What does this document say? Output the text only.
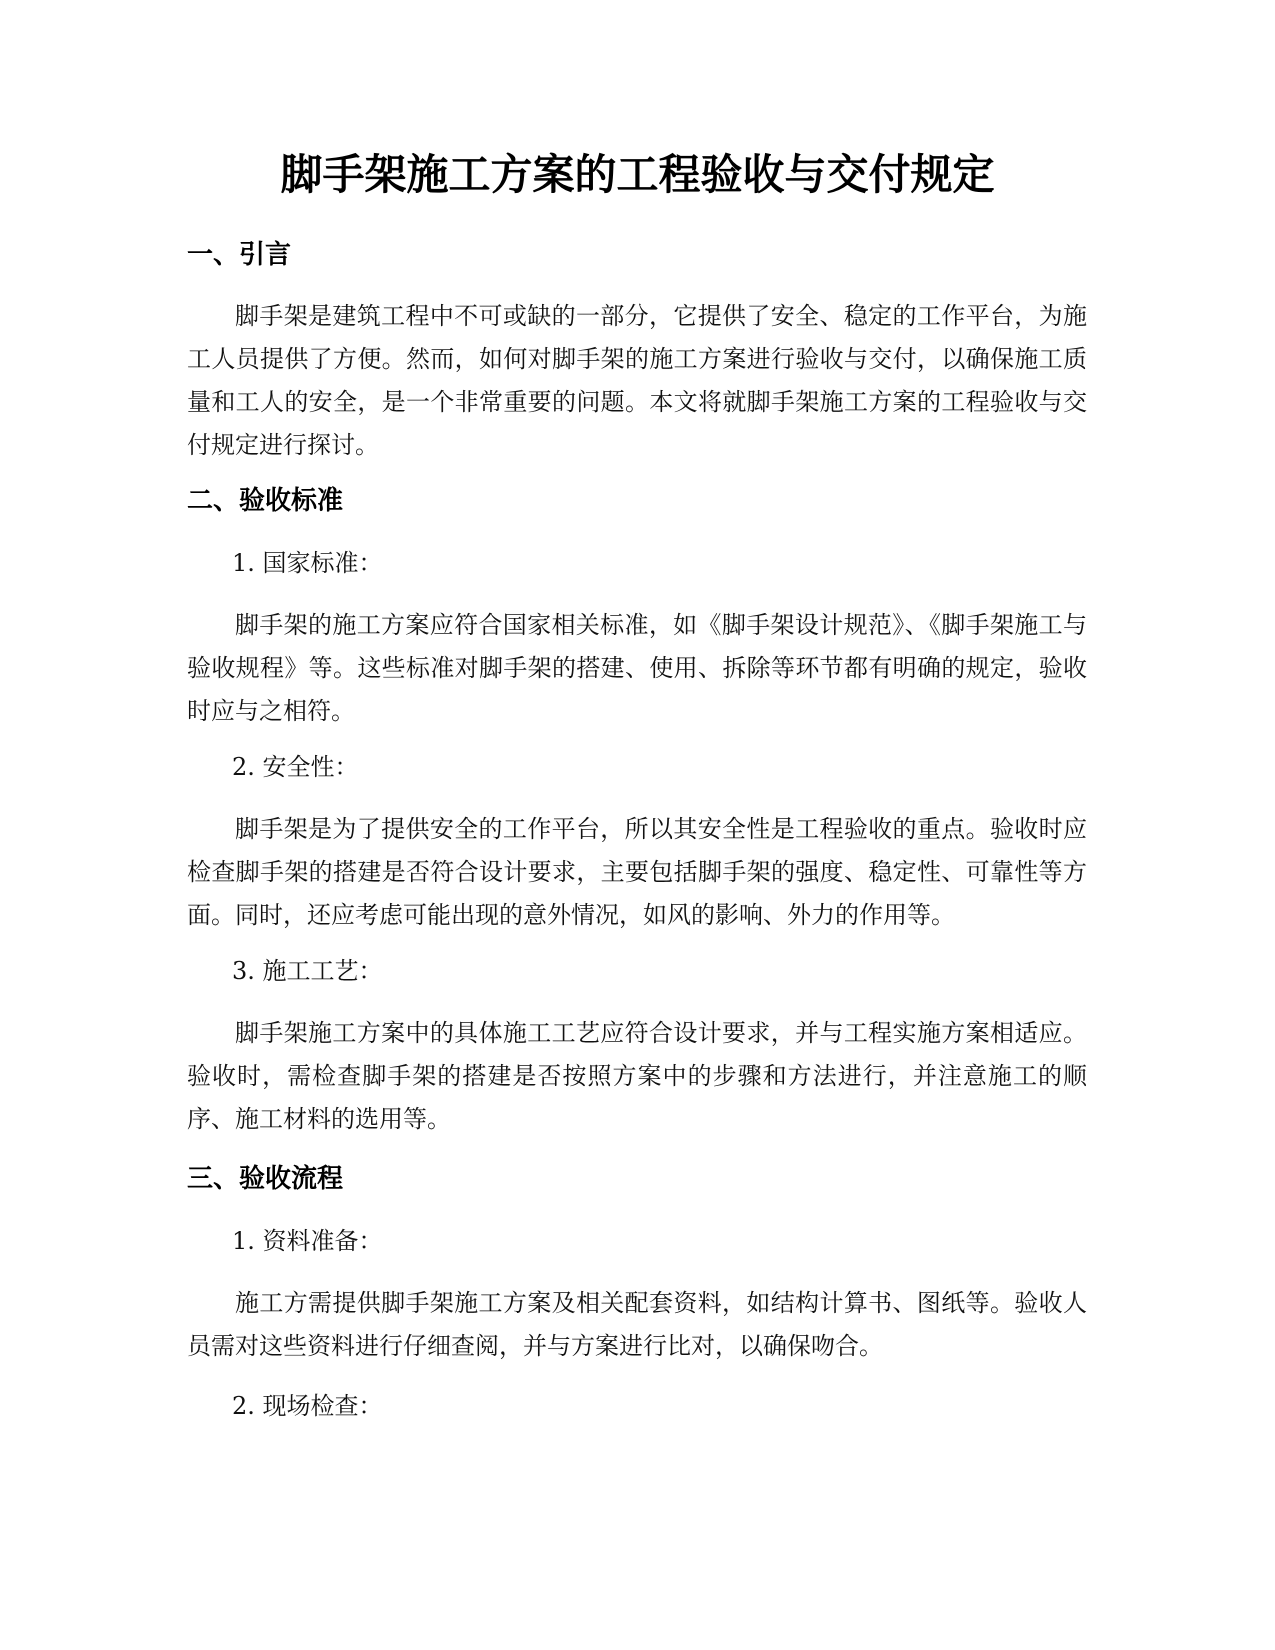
脚手架施工方案的工程验收与交付规定
一、引言

脚手架是建筑工程中不可或缺的一部分，它提供了安全、稳定的工作平台，为施工人员提供了方便。然而，如何对脚手架的施工方案进行验收与交付，以确保施工质量和工人的安全，是一个非常重要的问题。本文将就脚手架施工方案的工程验收与交付规定进行探讨。

二、验收标准
1. 国家标准：

脚手架的施工方案应符合国家相关标准，如《脚手架设计规范》、《脚手架施工与验收规程》等。这些标准对脚手架的搭建、使用、拆除等环节都有明确的规定，验收时应与之相符。

2. 安全性：

脚手架是为了提供安全的工作平台，所以其安全性是工程验收的重点。验收时应检查脚手架的搭建是否符合设计要求，主要包括脚手架的强度、稳定性、可靠性等方面。同时，还应考虑可能出现的意外情况，如风的影响、外力的作用等。

3. 施工工艺：

脚手架施工方案中的具体施工工艺应符合设计要求，并与工程实施方案相适应。验收时，需检查脚手架的搭建是否按照方案中的步骤和方法进行，并注意施工的顺序、施工材料的选用等。

三、验收流程
1. 资料准备：

施工方需提供脚手架施工方案及相关配套资料，如结构计算书、图纸等。验收人员需对这些资料进行仔细查阅，并与方案进行比对，以确保吻合。

2. 现场检查：
